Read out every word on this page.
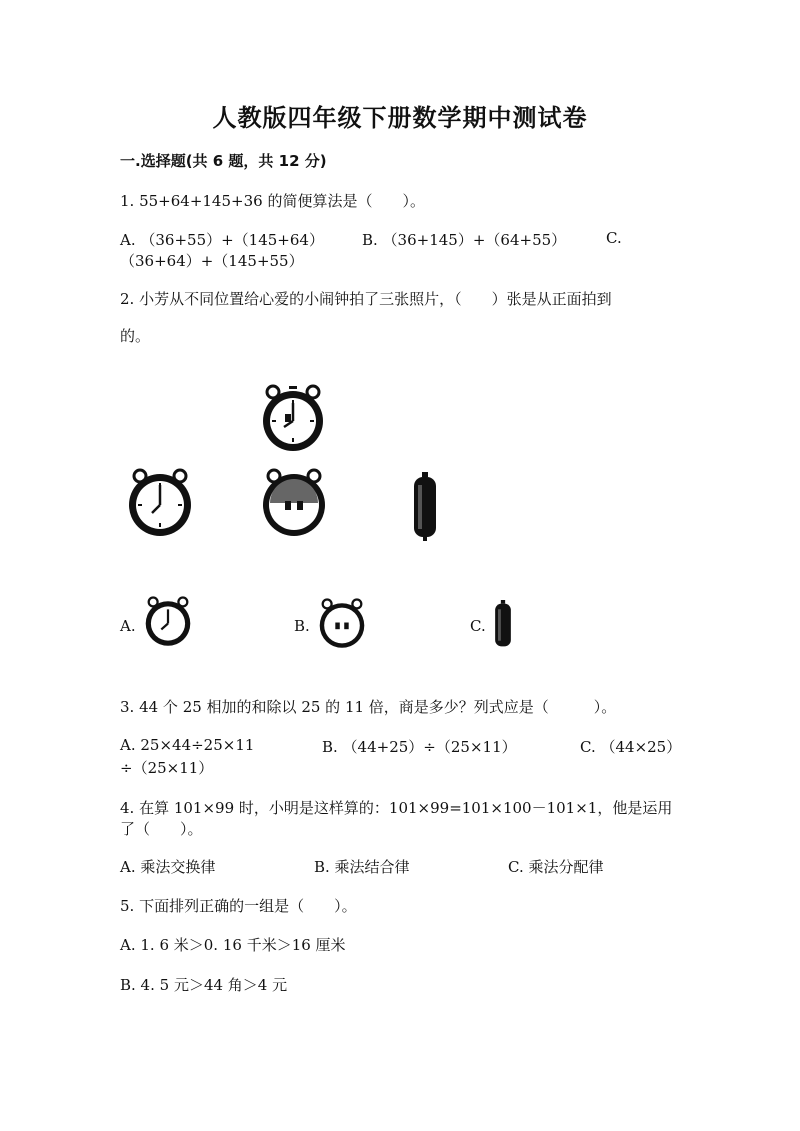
人教版四年级下册数学期中测试卷
一.选择题(共 6 题，共 12 分)
1. 55+64+145+36 的简便算法是（　　）。
A. （36+55）+（145+64）	B. （36+145）+（64+55）	C.
（36+64）+（145+55）
2. 小芳从不同位置给心爱的小闹钟拍了三张照片，（　　）张是从正面拍到
的。
A.	B.	C.
3. 44 个 25 相加的和除以 25 的 11 倍，商是多少？列式应是（　　　）。
A. 25×44÷25×11	B. （44+25）÷（25×11）	C. （44×25）
÷（25×11）
4. 在算 101×99 时，小明是这样算的：101×99=101×100－101×1，他是运用
了（　　）。
A. 乘法交换律	B. 乘法结合律	C. 乘法分配律
5. 下面排列正确的一组是（　　）。
A. 1. 6 米＞0. 16 千米＞16 厘米
B. 4. 5 元＞44 角＞4 元
